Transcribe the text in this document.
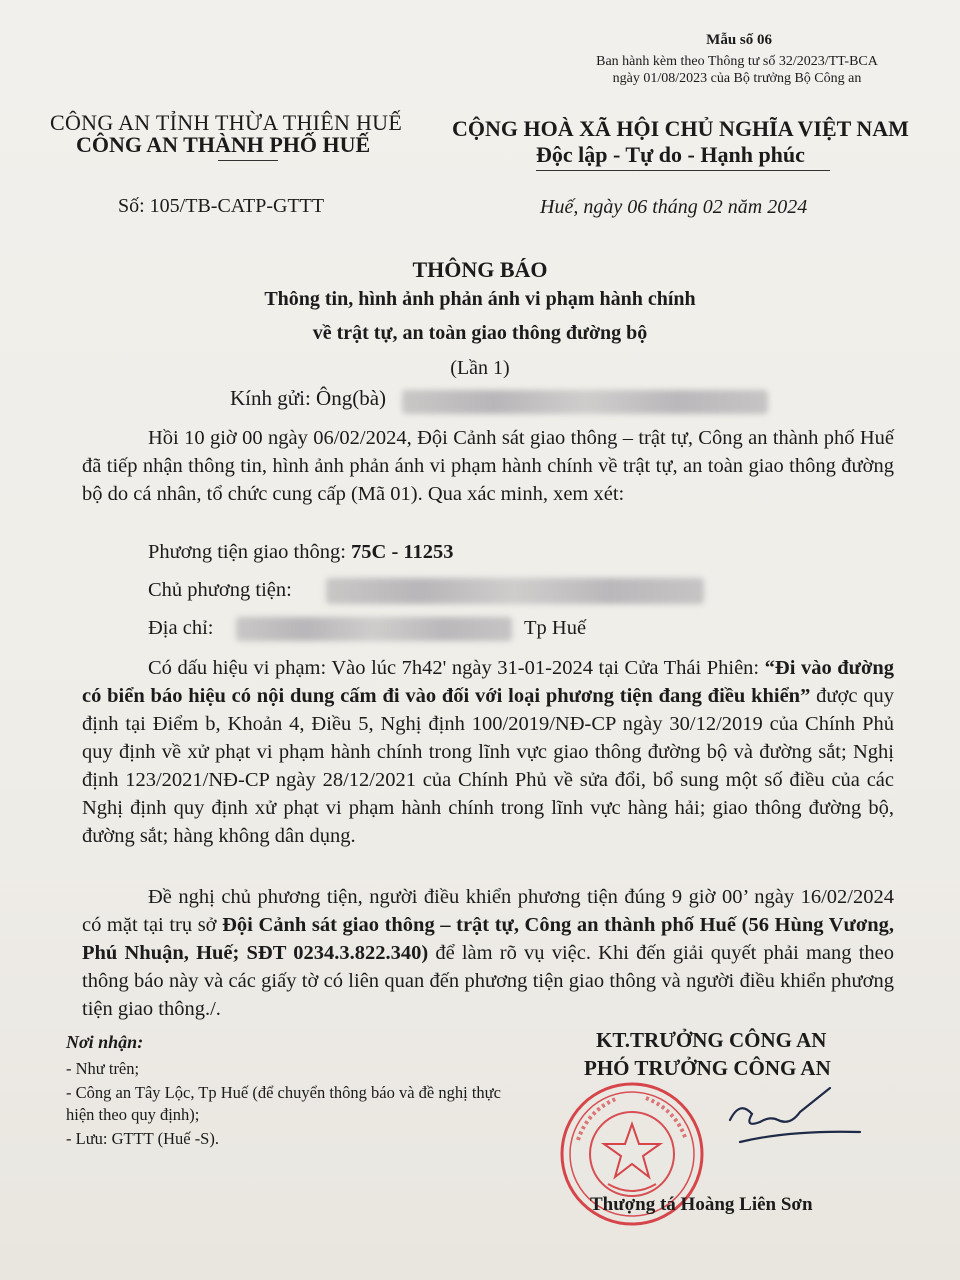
Mẫu số 06
Ban hành kèm theo Thông tư số 32/2023/TT-BCA
ngày 01/08/2023 của Bộ trưởng Bộ Công an
CÔNG AN TỈNH THỪA THIÊN HUẾ
CÔNG AN THÀNH PHỐ HUẾ
Số: 105/TB-CATP-GTTT
CỘNG HOÀ XÃ HỘI CHỦ NGHĨA VIỆT NAM
Độc lập - Tự do - Hạnh phúc
Huế, ngày 06 tháng 02 năm 2024
THÔNG BÁO
Thông tin, hình ảnh phản ánh vi phạm hành chính
về trật tự, an toàn giao thông đường bộ
(Lần 1)
Kính gửi: Ông(bà)
Hồi 10 giờ 00 ngày 06/02/2024, Đội Cảnh sát giao thông – trật tự, Công an thành phố Huế đã tiếp nhận thông tin, hình ảnh phản ánh vi phạm hành chính về trật tự, an toàn giao thông đường bộ do cá nhân, tổ chức cung cấp (Mã 01). Qua xác minh, xem xét:
Phương tiện giao thông: 75C - 11253
Chủ phương tiện:
Địa chỉ:	Tp Huế
Có dấu hiệu vi phạm: Vào lúc 7h42' ngày 31-01-2024 tại Cửa Thái Phiên: “Đi vào đường có biển báo hiệu có nội dung cấm đi vào đối với loại phương tiện đang điều khiển” được quy định tại Điểm b, Khoản 4, Điều 5, Nghị định 100/2019/NĐ-CP ngày 30/12/2019 của Chính Phủ quy định về xử phạt vi phạm hành chính trong lĩnh vực giao thông đường bộ và đường sắt; Nghị định 123/2021/NĐ-CP ngày 28/12/2021 của Chính Phủ về sửa đổi, bổ sung một số điều của các Nghị định quy định xử phạt vi phạm hành chính trong lĩnh vực hàng hải; giao thông đường bộ, đường sắt; hàng không dân dụng.
Đề nghị chủ phương tiện, người điều khiển phương tiện đúng 9 giờ 00’ ngày 16/02/2024 có mặt tại trụ sở Đội Cảnh sát giao thông – trật tự, Công an thành phố Huế (56 Hùng Vương, Phú Nhuận, Huế; SĐT 0234.3.822.340) để làm rõ vụ việc. Khi đến giải quyết phải mang theo thông báo này và các giấy tờ có liên quan đến phương tiện giao thông và người điều khiển phương tiện giao thông./.
Nơi nhận:
- Như trên;
- Công an Tây Lộc, Tp Huế (để chuyển thông báo và đề nghị thực hiện theo quy định);
- Lưu: GTTT (Huế -S).
KT.TRƯỞNG CÔNG AN
PHÓ TRƯỞNG CÔNG AN
Thượng tá Hoàng Liên Sơn
